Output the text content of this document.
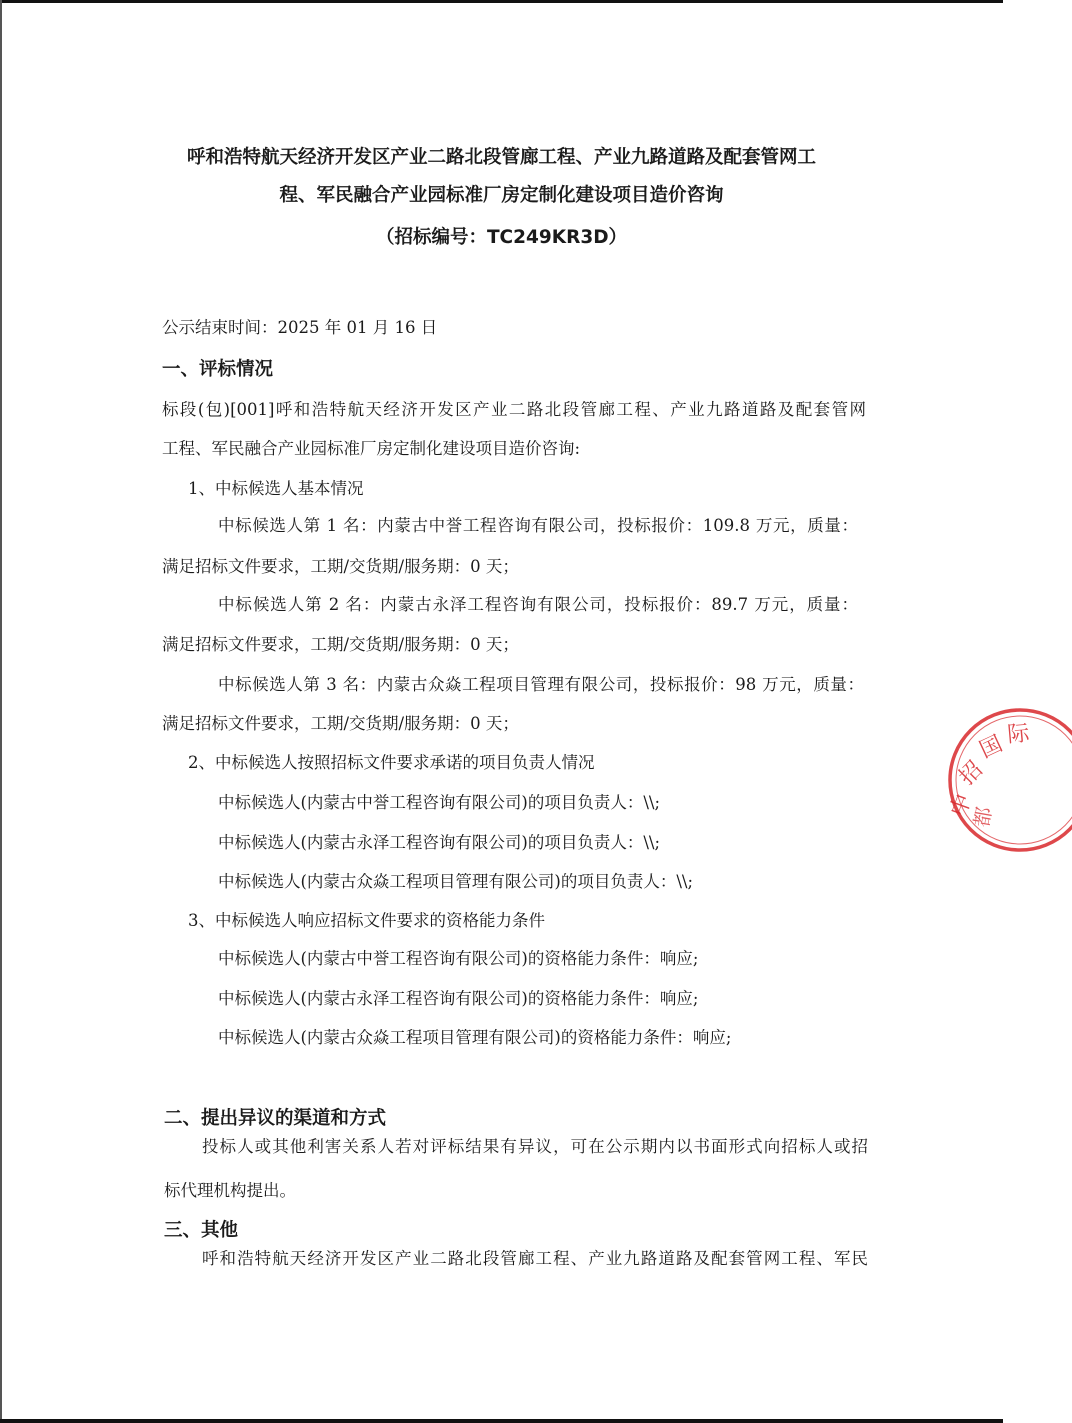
呼和浩特航天经济开发区产业二路北段管廊工程、产业九路道路及配套管网工
程、军民融合产业园标准厂房定制化建设项目造价咨询
（招标编号：TC249KR3D）
公示结束时间：2025 年 01 月 16 日
一、评标情况
标段(包)[001]呼和浩特航天经济开发区产业二路北段管廊工程、产业九路道路及配套管网
工程、军民融合产业园标准厂房定制化建设项目造价咨询:
1、中标候选人基本情况
中标候选人第 1 名：内蒙古中誉工程咨询有限公司，投标报价：109.8 万元，质量：
满足招标文件要求，工期/交货期/服务期：0 天；
中标候选人第 2 名：内蒙古永泽工程咨询有限公司，投标报价：89.7 万元，质量：
满足招标文件要求，工期/交货期/服务期：0 天；
中标候选人第 3 名：内蒙古众焱工程项目管理有限公司，投标报价：98 万元，质量：
满足招标文件要求，工期/交货期/服务期：0 天；
2、中标候选人按照招标文件要求承诺的项目负责人情况
中标候选人(内蒙古中誉工程咨询有限公司)的项目负责人：\\;
中标候选人(内蒙古永泽工程咨询有限公司)的项目负责人：\\;
中标候选人(内蒙古众焱工程项目管理有限公司)的项目负责人：\\;
3、中标候选人响应招标文件要求的资格能力条件
中标候选人(内蒙古中誉工程咨询有限公司)的资格能力条件：响应;
中标候选人(内蒙古永泽工程咨询有限公司)的资格能力条件：响应;
中标候选人(内蒙古众焱工程项目管理有限公司)的资格能力条件：响应;
二、提出异议的渠道和方式
投标人或其他利害关系人若对评标结果有异议，可在公示期内以书面形式向招标人或招
标代理机构提出。
三、其他
呼和浩特航天经济开发区产业二路北段管廊工程、产业九路道路及配套管网工程、军民
中
招
国 际
都
